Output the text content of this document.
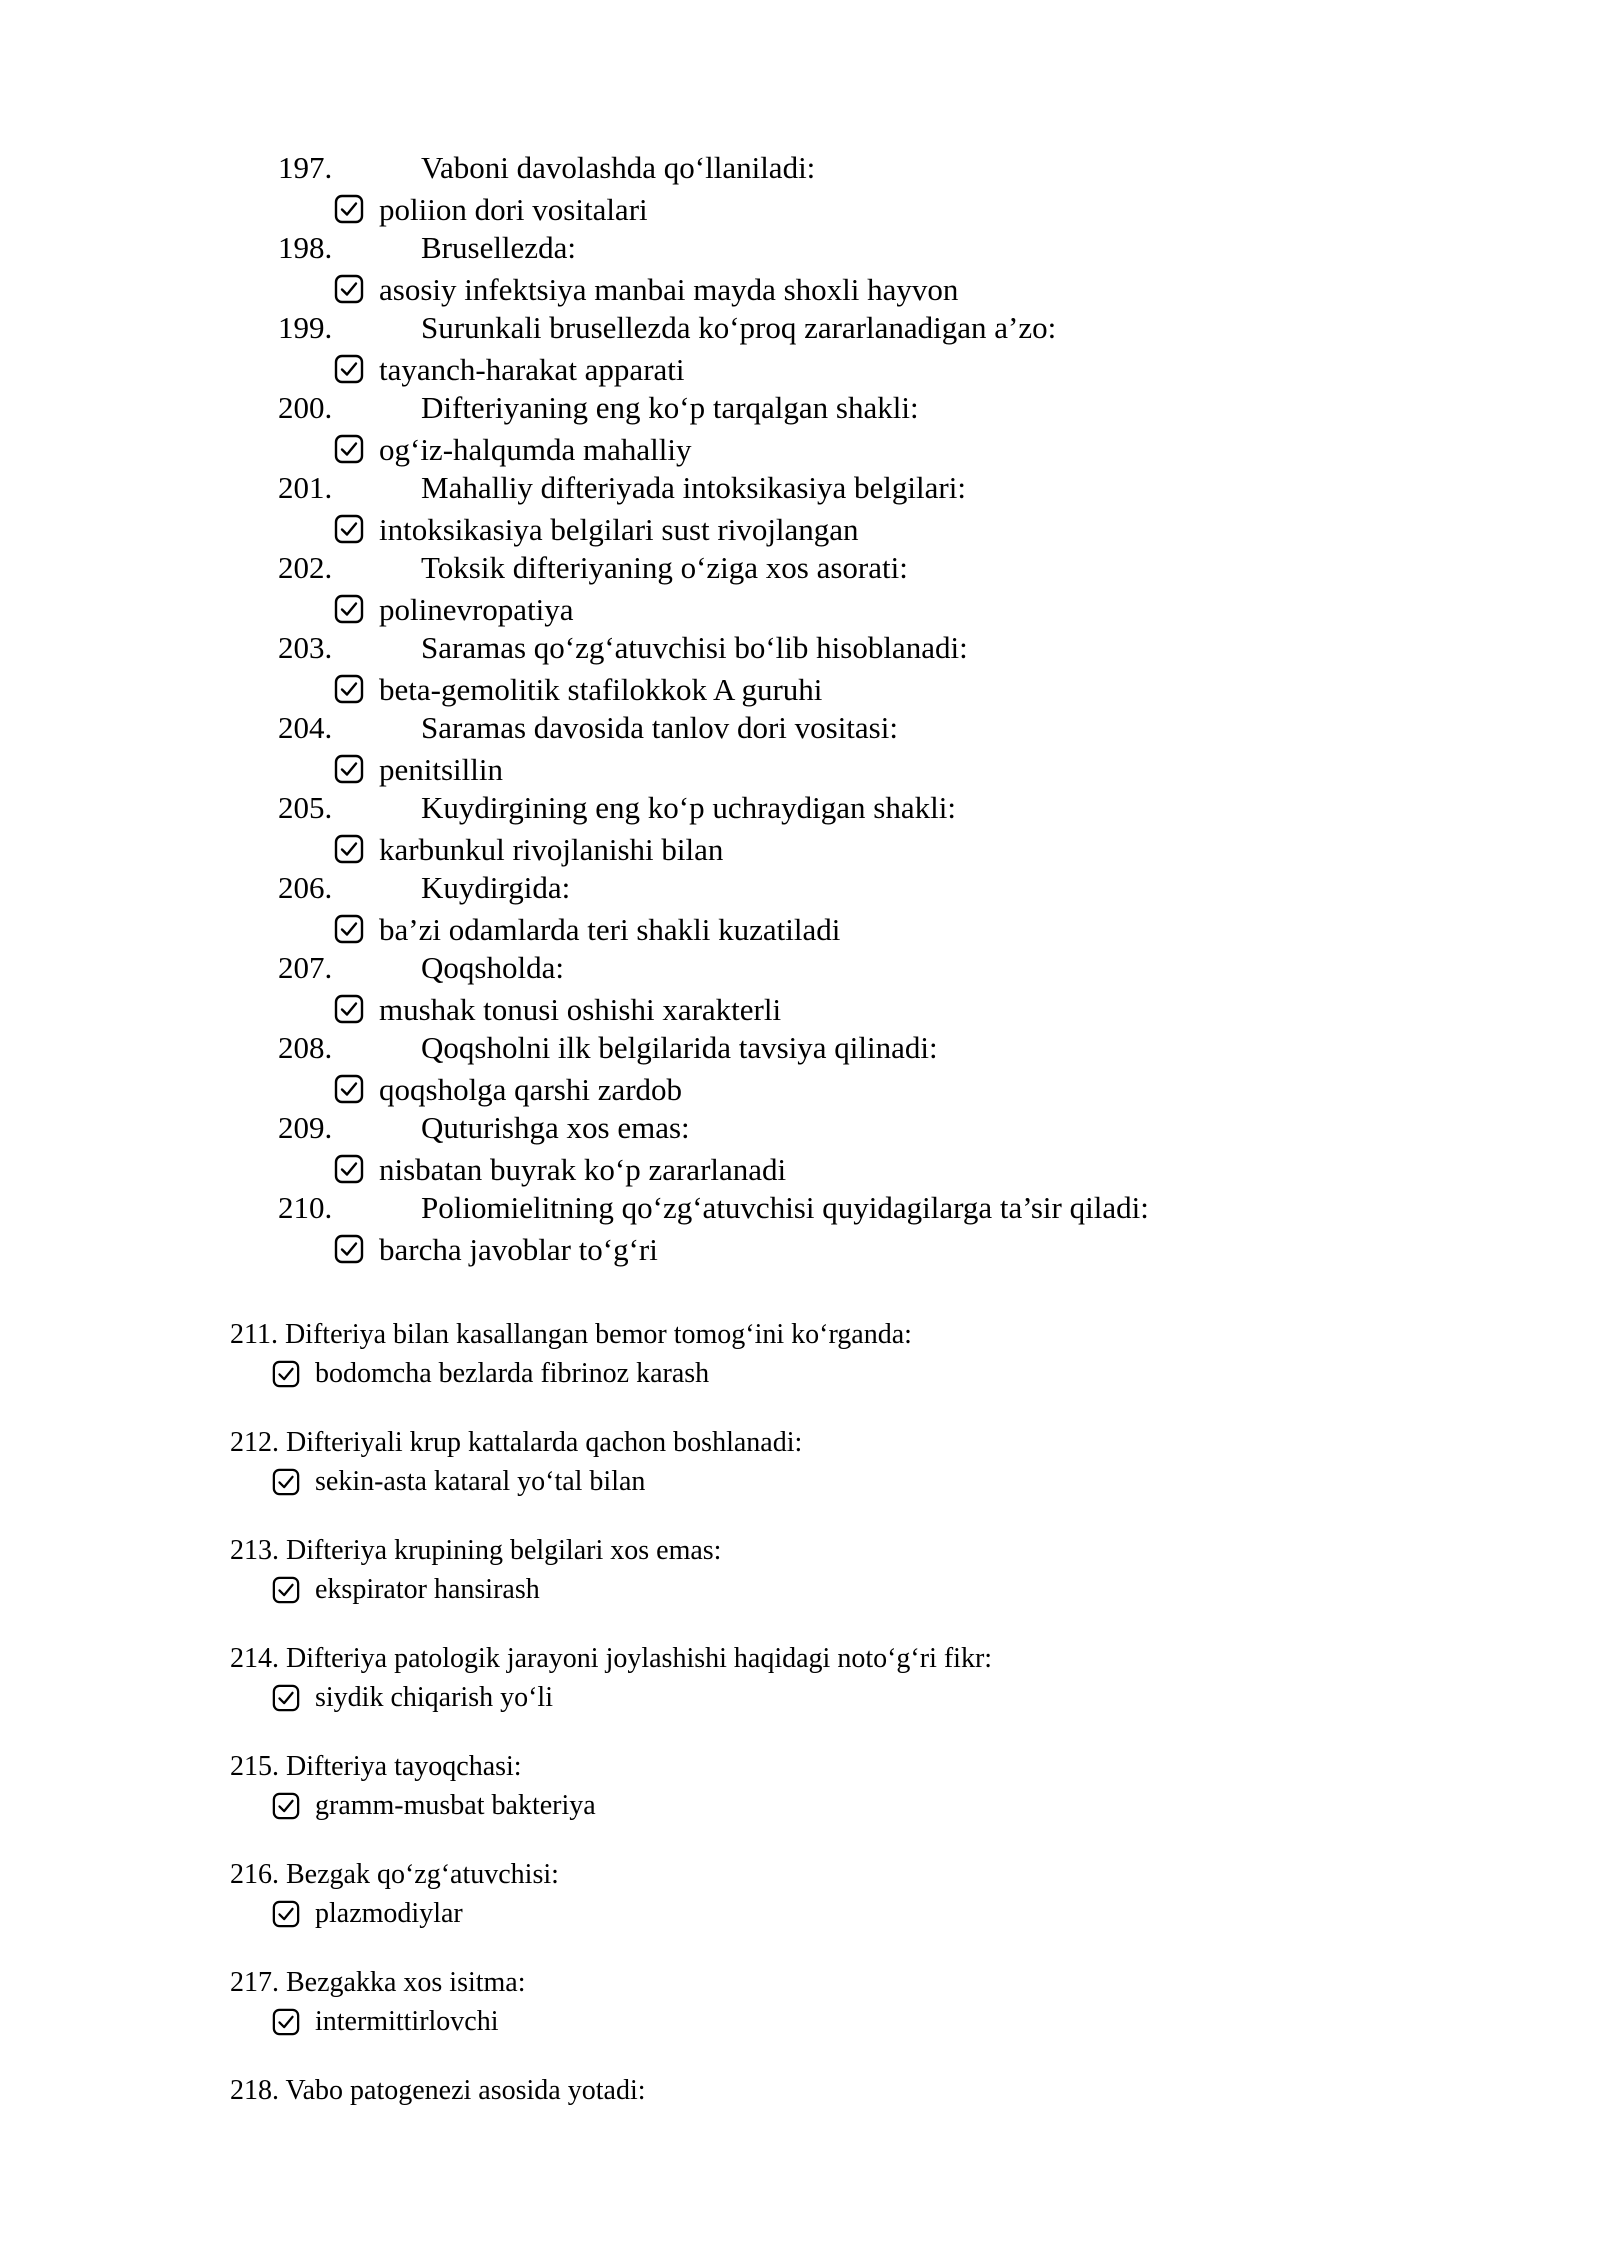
197.	Vaboni davolashda qo‘llaniladi:
poliion dori vositalari
198.	Brusellezda:
asosiy infektsiya manbai mayda shoxli hayvon
199.	Surunkali brusellezda ko‘proq zararlanadigan a’zo:
tayanch-harakat apparati
200.	Difteriyaning eng ko‘p tarqalgan shakli:
og‘iz-halqumda mahalliy
201.	Mahalliy difteriyada intoksikasiya belgilari:
intoksikasiya belgilari sust rivojlangan
202.	Toksik difteriyaning o‘ziga xos asorati:
polinevropatiya
203.	Saramas qo‘zg‘atuvchisi bo‘lib hisoblanadi:
beta-gemolitik stafilokkok A guruhi
204.	Saramas davosida tanlov dori vositasi:
penitsillin
205.	Kuydirgining eng ko‘p uchraydigan shakli:
karbunkul rivojlanishi bilan
206.	Kuydirgida:
ba’zi odamlarda teri shakli kuzatiladi
207.	Qoqsholda:
mushak tonusi oshishi xarakterli
208.	Qoqsholni ilk belgilarida tavsiya qilinadi:
qoqsholga qarshi zardob
209.	Quturishga xos emas:
nisbatan buyrak ko‘p zararlanadi
210.	Poliomielitning qo‘zg‘atuvchisi quyidagilarga ta’sir qiladi:
barcha javoblar to‘g‘ri
211. Difteriya bilan kasallangan bemor tomog‘ini ko‘rganda:
bodomcha bezlarda fibrinoz karash
212. Difteriyali krup kattalarda qachon boshlanadi:
sekin-asta kataral yo‘tal bilan
213. Difteriya krupining belgilari xos emas:
ekspirator hansirash
214. Difteriya patologik jarayoni joylashishi haqidagi noto‘g‘ri fikr:
siydik chiqarish yo‘li
215. Difteriya tayoqchasi:
gramm-musbat bakteriya
216. Bezgak qo‘zg‘atuvchisi:
plazmodiylar
217. Bezgakka xos isitma:
intermittirlovchi
218. Vabo patogenezi asosida yotadi:
